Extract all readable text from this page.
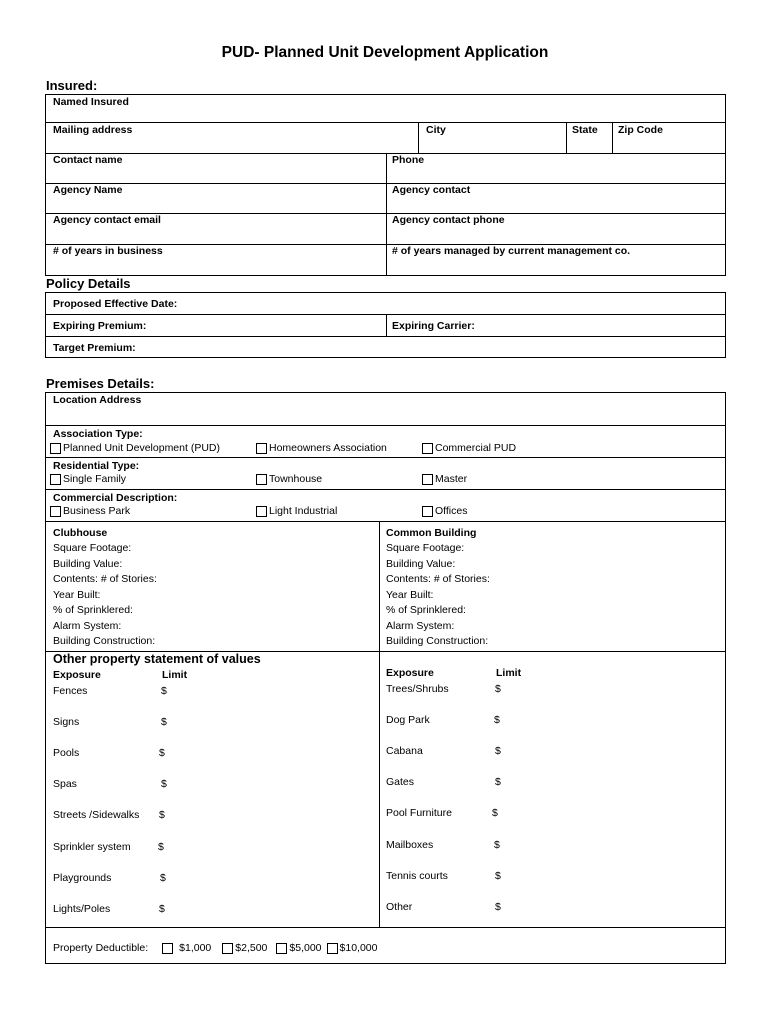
PUD- Planned Unit Development Application
Insured:
Named Insured
Mailing address	City	State Zip Code
Contact name	Phone
Agency Name	Agency contact
Agency contact email	Agency contact phone
# of years in business	# of years managed by current management co.
Policy Details
Proposed Effective Date:
Expiring Premium:	Expiring Carrier:
Target Premium:
Premises Details:
Location Address
Association Type:
Planned Unit Development (PUD)	Homeowners Association	Commercial PUD
Residential Type:
Single Family	Townhouse	Master
Commercial Description:
Business Park	Light Industrial	Offices
Clubhouse
Square Footage:
Building Value:
Contents: # of Stories:
Year Built:
% of Sprinklered:
Alarm System:
Building Construction:
Common Building
Square Footage:
Building Value:
Contents: # of Stories:
Year Built:
% of Sprinklered:
Alarm System:
Building Construction:
Other property statement of values
Exposure	Limit	Exposure	Limit
Fences	$
Signs	$
Pools	$
Spas	$
Streets /Sidewalks $
Sprinkler system	$
Playgrounds	$
Lights/Poles	$
Trees/Shrubs	$
Dog Park	$
Cabana	$
Gates	$
Pool Furniture	$
Mailboxes	$
Tennis courts	$
Other	$
Property Deductible:	$1,000 $2,500 $5,000 $10,000
